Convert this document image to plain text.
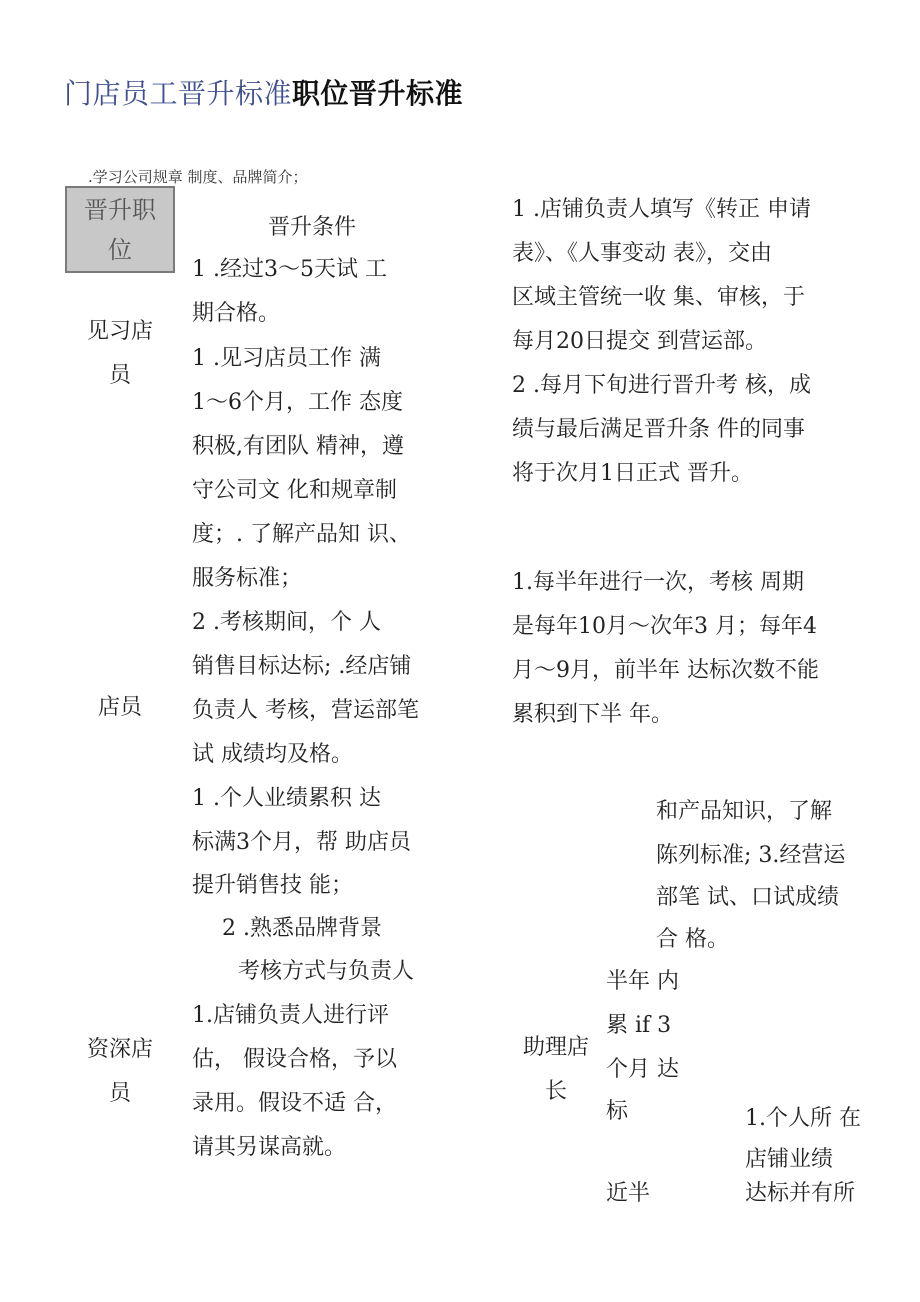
门店员工晋升标准职位晋升标准
.学习公司规章 制度、品牌简介；
晋升职位
晋升条件
见习店员
店员
资深店员
助理店长
1 .经过3〜5天试 工
期合格。
1 .见习店员工作 满
1〜6个月，工作 态度
积极,有团队 精神，遵
守公司文 化和规章制
度；. 了解产品知 识、
服务标准；
2 .考核期间，个 人
销售目标达标; .经店铺
负责人 考核，营运部笔
试 成绩均及格。
1 .个人业绩累积 达
标满3个月，帮 助店员
提升销售技 能；
2 .熟悉品牌背景
考核方式与负责人
1.店铺负责人进行评
估， 假设合格，予以
录用。假设不适 合，
请其另谋高就。
1 .店铺负责人填写《转正 申请
表》、《人事变动 表》，交由
区域主管统一收 集、审核，于
每月20日提交 到营运部。
2 .每月下旬进行晋升考 核，成
绩与最后满足晋升条 件的同事
将于次月1日正式 晋升。
1.每半年进行一次，考核 周期
是每年10月〜次年3 月；每年4
月〜9月，前半年 达标次数不能
累积到下半 年。
和产品知识，了解
陈列标准; 3.经营运
部笔 试、口试成绩
合 格。
半年 内
累 if 3
个月 达
标
近半
1.个人所 在
店铺业绩
达标并有所
